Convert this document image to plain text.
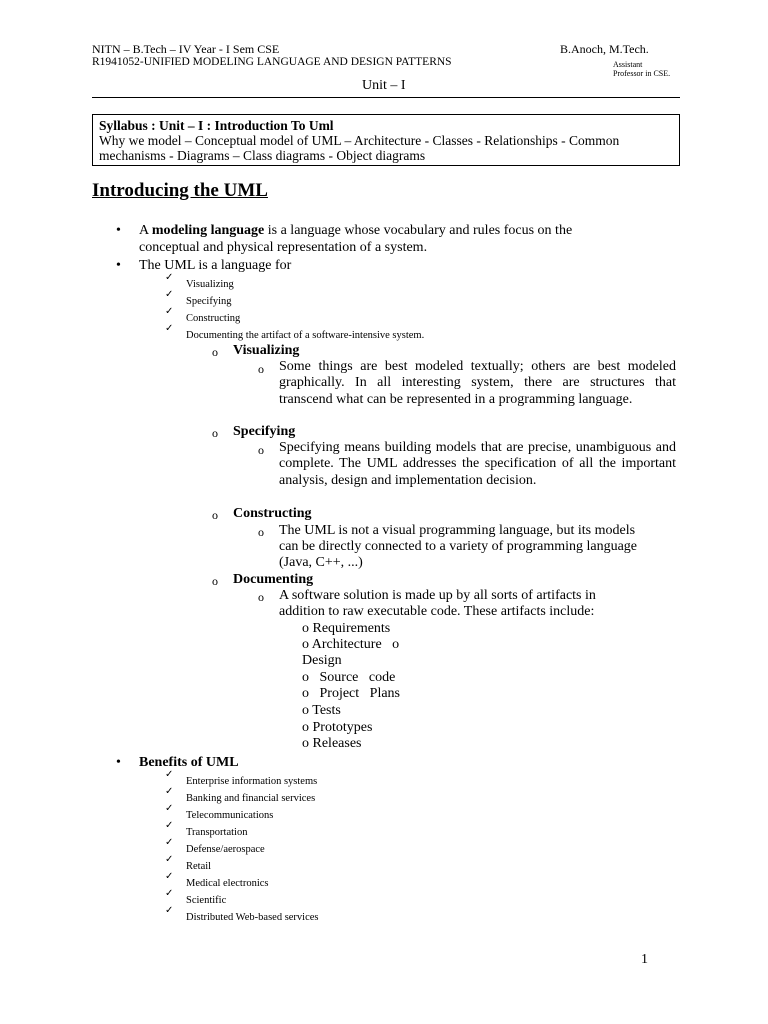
NITN – B.Tech – IV Year - I Sem CSE
R1941052-UNIFIED MODELING LANGUAGE AND DESIGN PATTERNS
B.Anoch, M.Tech.
Assistant
Professor in CSE.
Unit – I
Syllabus : Unit – I : Introduction To Uml
Why we model – Conceptual model of UML – Architecture - Classes - Relationships - Common
mechanisms - Diagrams – Class diagrams - Object diagrams
Introducing the UML
• A modeling language is a language whose vocabulary and rules focus on the
conceptual and physical representation of a system.
• The UML is a language for
✓
Visualizing
✓
Specifying
✓
Constructing
✓
Documenting the artifact of a software-intensive system.
o Visualizing
o Some things are best modeled textually; others are best modeled graphically. In all interesting system, there are structures that transcend what can be represented in a programming language.
o Specifying
o Specifying means building models that are precise, unambiguous and complete. The UML addresses the specification of all the important analysis, design and implementation decision.
o Constructing
o The UML is not a visual programming language, but its models
can be directly connected to a variety of programming language
(Java, C++, ...)
o Documenting
o A software solution is made up by all sorts of artifacts in
addition to raw executable code. These artifacts include:
o Requirements
o Architecture   o
Design
o   Source   code
o   Project   Plans
o Tests
o Prototypes
o Releases
• Benefits of UML
✓
Enterprise information systems
✓
Banking and financial services
✓
Telecommunications
✓
Transportation
✓
Defense/aerospace
✓
Retail
✓
Medical electronics
✓
Scientific
✓
Distributed Web-based services
1
